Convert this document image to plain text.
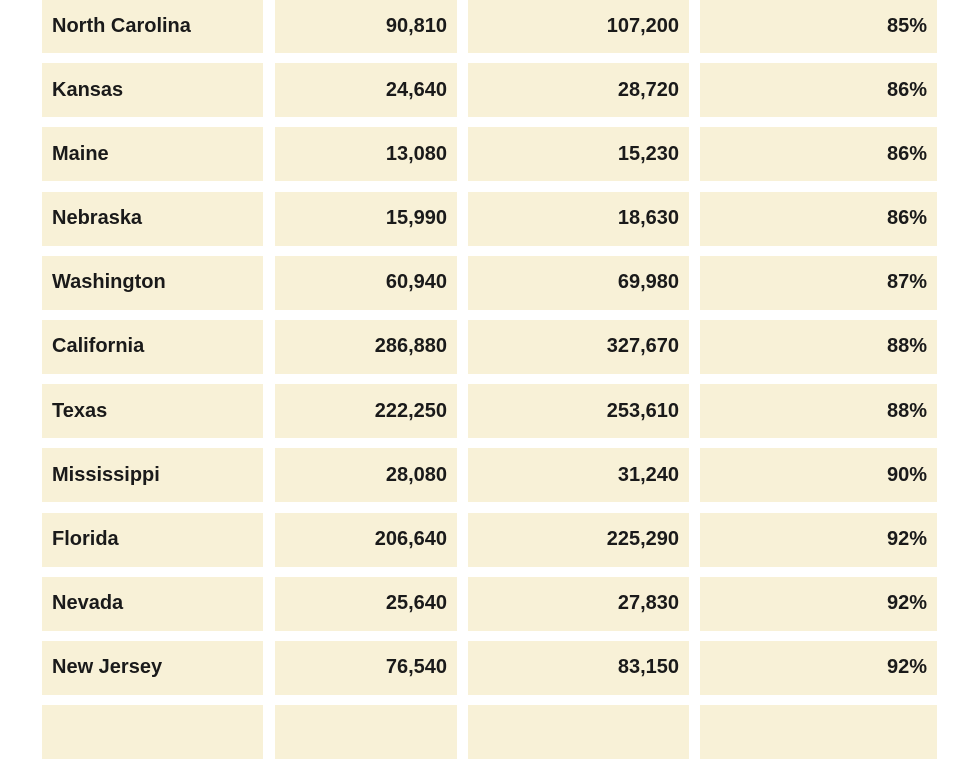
North Carolina	90,810	107,200	85%
Kansas	24,640	28,720	86%
Maine	13,080	15,230	86%
Nebraska	15,990	18,630	86%
Washington	60,940	69,980	87%
California	286,880	327,670	88%
Texas	222,250	253,610	88%
Mississippi	28,080	31,240	90%
Florida	206,640	225,290	92%
Nevada	25,640	27,830	92%
New Jersey	76,540	83,150	92%
